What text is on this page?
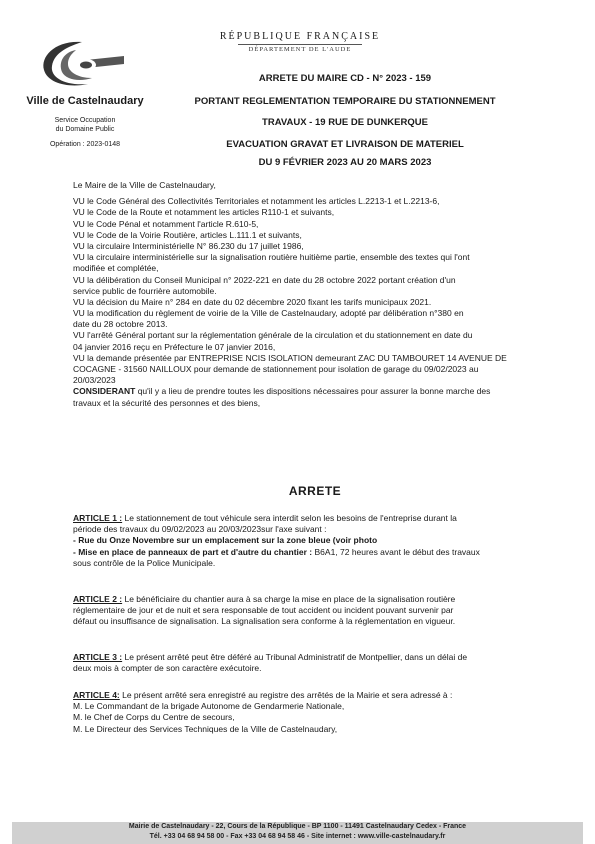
Ville de Castelnaudary
Service Occupation
du Domaine Public
Opération : 2023-0148
RÉPUBLIQUE FRANÇAISE
DÉPARTEMENT DE L'AUDE
ARRETE DU MAIRE CD - N° 2023 - 159
PORTANT REGLEMENTATION TEMPORAIRE DU STATIONNEMENT
TRAVAUX - 19 RUE DE DUNKERQUE
EVACUATION GRAVAT ET LIVRAISON DE MATERIEL
DU 9 FÉVRIER 2023 AU 20 MARS 2023
Le Maire de la Ville de Castelnaudary,
VU le Code Général des Collectivités Territoriales et notamment les articles L.2213-1 et L.2213-6,
VU le Code de la Route et notamment les articles R110-1 et suivants,
VU le Code Pénal et notamment l'article R.610-5,
VU le Code de la Voirie Routière, articles L.111.1 et suivants,
VU la circulaire Interministérielle N° 86.230 du 17 juillet 1986,
VU la circulaire interministérielle sur la signalisation routière huitième partie, ensemble des textes qui l'ont
modifiée et complétée,
VU la délibération du Conseil Municipal n° 2022-221 en date du 28 octobre 2022 portant création d'un
service public de fourrière automobile.
VU la décision du Maire n° 284 en date du 02 décembre 2020 fixant les tarifs municipaux 2021.
VU la modification du règlement de voirie de la Ville de Castelnaudary, adopté par délibération n°380 en
date du 28 octobre 2013.
VU l'arrêté Général portant sur la réglementation générale de la circulation et du stationnement en date du
04 janvier 2016 reçu en Préfecture le 07 janvier 2016,
VU la demande présentée par ENTREPRISE NCIS ISOLATION demeurant ZAC DU TAMBOURET 14 AVENUE DE
COCAGNE - 31560 NAILLOUX pour demande de stationnement pour isolation de garage du 09/02/2023 au
20/03/2023
CONSIDERANT qu'il y a lieu de prendre toutes les dispositions nécessaires pour assurer la bonne marche des
travaux et la sécurité des personnes et des biens,
ARRETE
ARTICLE 1 : Le stationnement de tout véhicule sera interdit selon les besoins de l'entreprise durant la
période des travaux du 09/02/2023 au 20/03/2023sur l'axe suivant :
- Rue du Onze Novembre sur un emplacement sur la zone bleue (voir photo
- Mise en place de panneaux de part et d'autre du chantier : B6A1, 72 heures avant le début des travaux
sous contrôle de la Police Municipale.
ARTICLE 2 : Le bénéficiaire du chantier aura à sa charge la mise en place de la signalisation routière
réglementaire de jour et de nuit et sera responsable de tout accident ou incident pouvant survenir par
défaut ou insuffisance de signalisation. La signalisation sera conforme à la réglementation en vigueur.
ARTICLE 3 : Le présent arrêté peut être déféré au Tribunal Administratif de Montpellier, dans un délai de
deux mois à compter de son caractère exécutoire.
ARTICLE 4: Le présent arrêté sera enregistré au registre des arrêtés de la Mairie et sera adressé à :
M. Le Commandant de la brigade Autonome de Gendarmerie Nationale,
M. le Chef de Corps du Centre de secours,
M. Le Directeur des Services Techniques de la Ville de Castelnaudary,
Mairie de Castelnaudary - 22, Cours de la République - BP 1100 - 11491 Castelnaudary Cedex - France
Tél. +33 04 68 94 58 00 - Fax +33 04 68 94 58 46 - Site internet : www.ville-castelnaudary.fr
